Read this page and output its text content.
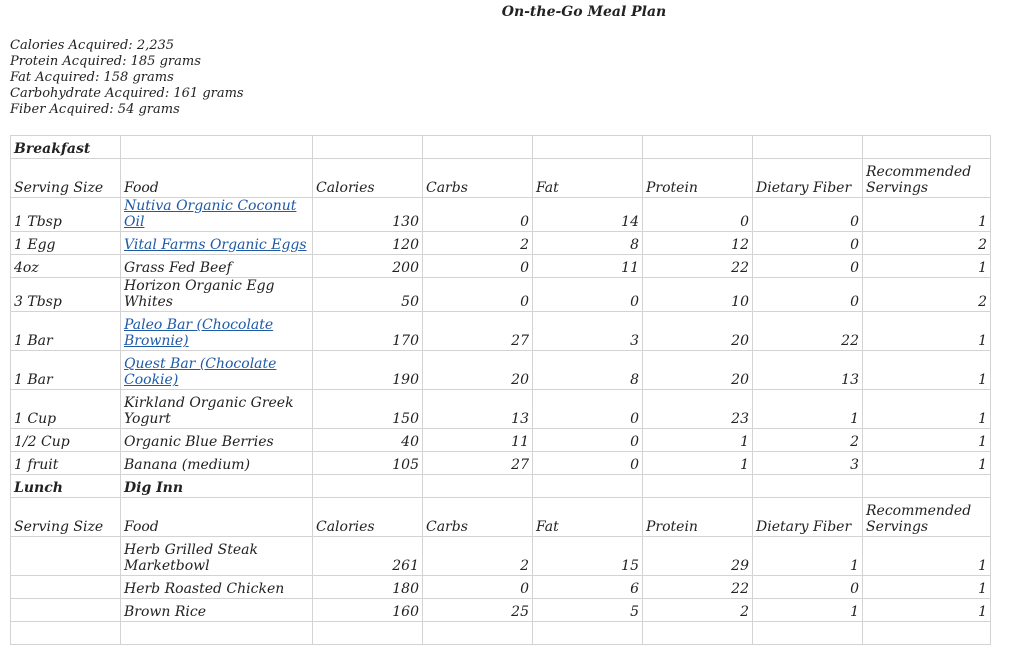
On-the-Go Meal Plan
Calories Acquired: 2,235
Protein Acquired: 185 grams
Fat Acquired: 158 grams
Carbohydrate Acquired: 161 grams
Fiber Acquired: 54 grams
Breakfast							
Serving Size	Food	Calories	Carbs	Fat	Protein	Dietary Fiber	Recommended Servings
1 Tbsp	Nutiva Organic Coconut Oil	130	0	14	0	0	1
1 Egg	Vital Farms Organic Eggs	120	2	8	12	0	2
4oz	Grass Fed Beef	200	0	11	22	0	1
3 Tbsp	Horizon Organic Egg Whites	50	0	0	10	0	2
1 Bar	Paleo Bar (Chocolate Brownie)	170	27	3	20	22	1
1 Bar	Quest Bar (Chocolate Cookie)	190	20	8	20	13	1
1 Cup	Kirkland Organic Greek Yogurt	150	13	0	23	1	1
1/2 Cup	Organic Blue Berries	40	11	0	1	2	1
1 fruit	Banana (medium)	105	27	0	1	3	1
Lunch	Dig Inn						
Serving Size	Food	Calories	Carbs	Fat	Protein	Dietary Fiber	Recommended Servings
	Herb Grilled Steak Marketbowl	261	2	15	29	1	1
	Herb Roasted Chicken	180	0	6	22	0	1
	Brown Rice	160	25	5	2	1	1
